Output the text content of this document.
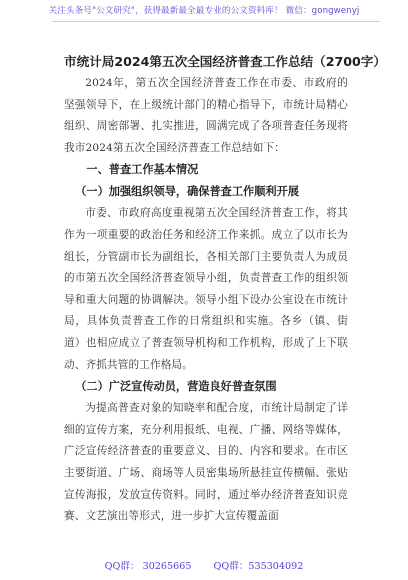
关注头条号"公文研究"，获得最新最全最专业的公文资料库！ 微信：gongwenyj
市统计局2024第五次全国经济普查工作总结（2700字）

2024年，第五次全国经济普查工作在市委、市政府的坚强领导下，在上级统计部门的精心指导下，市统计局精心组织、周密部署、扎实推进，圆满完成了各项普查任务现将我市2024第五次全国经济普查工作总结如下：

一、普查工作基本情况
（一）加强组织领导，确保普查工作顺利开展

市委、市政府高度重视第五次全国经济普查工作，将其作为一项重要的政治任务和经济工作来抓。成立了以市长为组长，分管副市长为副组长，各相关部门主要负责人为成员的市第五次全国经济普查领导小组，负责普查工作的组织领导和重大问题的协调解决。领导小组下设办公室设在市统计局，具体负责普查工作的日常组织和实施。各乡（镇、街道）也相应成立了普查领导机构和工作机构，形成了上下联动、齐抓共管的工作格局。

（二）广泛宣传动员，营造良好普查氛围

为提高普查对象的知晓率和配合度，市统计局制定了详细的宣传方案，充分利用报纸、电视、广播、网络等媒体，广泛宣传经济普查的重要意义、目的、内容和要求。在市区主要街道、广场、商场等人员密集场所悬挂宣传横幅、张贴宣传海报，发放宣传资料。同时，通过举办经济普查知识竞赛、文艺演出等形式，进一步扩大宣传覆盖面

QQ群： 30265665 QQ群：535304092
